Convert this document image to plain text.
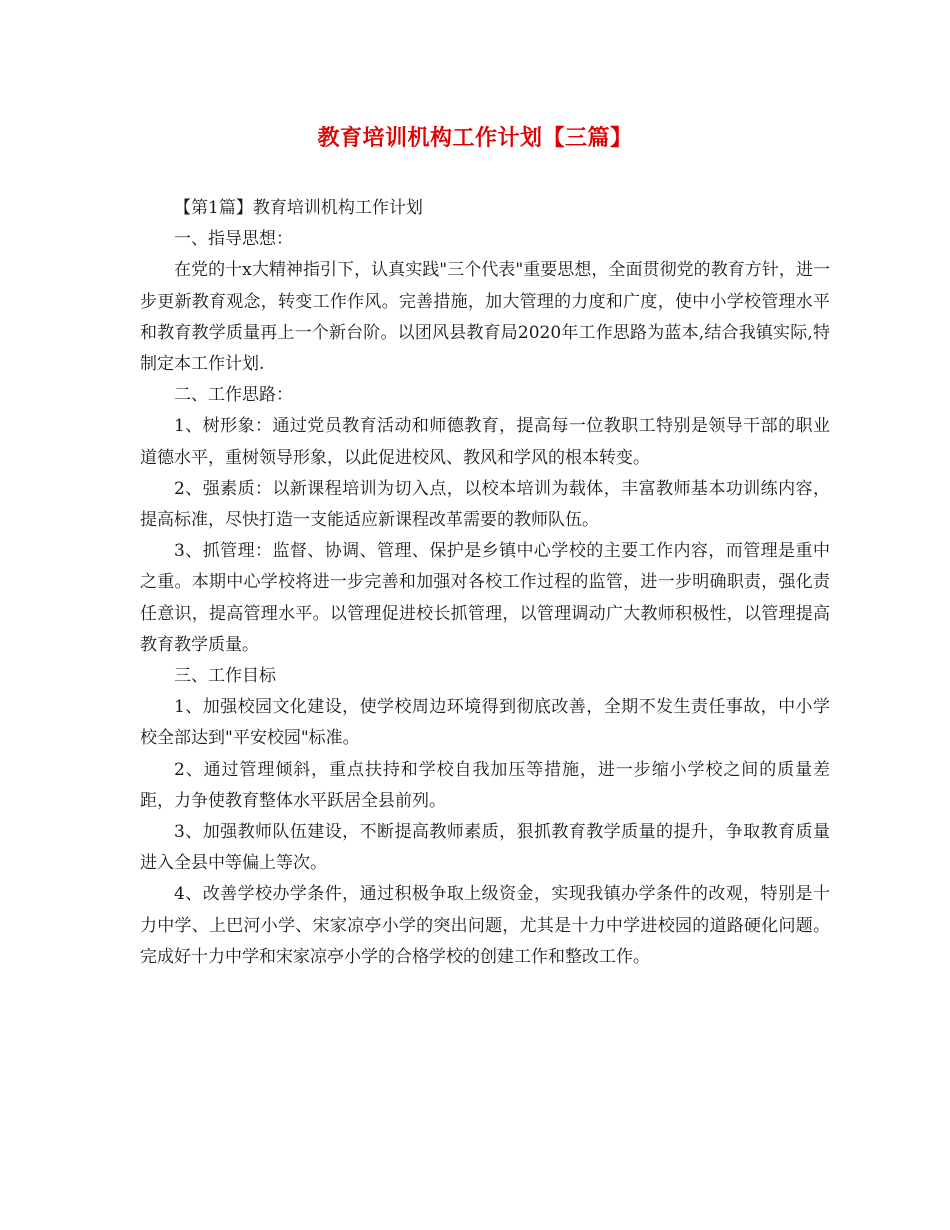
教育培训机构工作计划【三篇】

【第1篇】教育培训机构工作计划

一、指导思想：

在党的十x大精神指引下，认真实践"三个代表"重要思想，全面贯彻党的教育方针，进一步更新教育观念，转变工作作风。完善措施，加大管理的力度和广度，使中小学校管理水平和教育教学质量再上一个新台阶。以团风县教育局2020年工作思路为蓝本,结合我镇实际,特制定本工作计划.

二、工作思路：

1、树形象：通过党员教育活动和师德教育，提高每一位教职工特别是领导干部的职业道德水平，重树领导形象，以此促进校风、教风和学风的根本转变。

2、强素质：以新课程培训为切入点，以校本培训为载体，丰富教师基本功训练内容，提高标准，尽快打造一支能适应新课程改革需要的教师队伍。

3、抓管理：监督、协调、管理、保护是乡镇中心学校的主要工作内容，而管理是重中之重。本期中心学校将进一步完善和加强对各校工作过程的监管，进一步明确职责，强化责任意识，提高管理水平。以管理促进校长抓管理，以管理调动广大教师积极性，以管理提高教育教学质量。

三、工作目标

1、加强校园文化建设，使学校周边环境得到彻底改善，全期不发生责任事故，中小学校全部达到"平安校园"标准。

2、通过管理倾斜，重点扶持和学校自我加压等措施，进一步缩小学校之间的质量差距，力争使教育整体水平跃居全县前列。

3、加强教师队伍建设，不断提高教师素质，狠抓教育教学质量的提升，争取教育质量进入全县中等偏上等次。

4、改善学校办学条件，通过积极争取上级资金，实现我镇办学条件的改观，特别是十力中学、上巴河小学、宋家凉亭小学的突出问题，尤其是十力中学进校园的道路硬化问题。完成好十力中学和宋家凉亭小学的合格学校的创建工作和整改工作。
